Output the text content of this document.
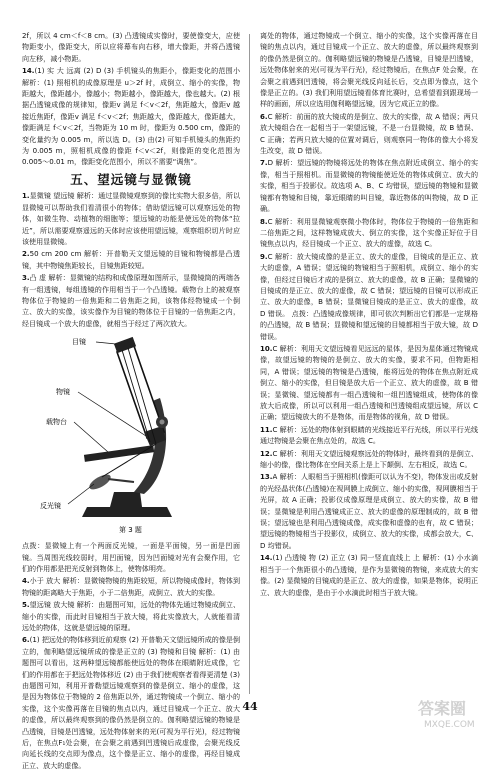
2f，所以 4 cm＜f＜8 cm。(3) 凸透镜成实像时，要使像变大，应使物距变小，像距变大，所以应将幕布向右移，增大像距，并将凸透镜向左移，减小物距。

14.(1) 实 大 远离 (2) D (3) 手机镜头的焦距小，像距变化的范围小 解析：(1) 照相机的成像原理是 u＞2f 时，成倒立、缩小的实像，物距越大，像距越小，像越小；物距越小，像距越大，像也越大。(2) 根据凸透镜成像的规律知，像距v 满足 f＜v＜2f，焦距越大，像距v 越接近焦距f，像距v 满足 f＜v＜2f；焦距越大，像距越大，像距越大，像距满足 f＜v＜2f，当物距为 10 m 时，像距为 0.500 cm，像距的变化量约为 0.005 m，所以选 D。(3) 由(2) 可知手机镜头的焦距约为 0.005 m，照相机成像的像距 f＜v＜2f，则像距的变化范围为 0.005～0.01 m，像距变化范围小，所以不需要“调焦”。

五、望远镜与显微镜

1.显微镜 望远镜 解析：通过显微镜观察到的像比实物大很多倍，所以显微镜可以帮助我们看清很小的物体；借助望远镜可以观察远处的物体，如微生物、动植物的细胞等；望远镜的功能是使远处的物体“拉近”，所以需要观察遥远的天体时应该使用望远镜，观察组织切片时应该使用显微镜。

2.50 cm 200 cm 解析：开普勒天文望远镜的目镜和物镜都是凸透镜，其中物镜焦距较长，目镜焦距较短。

3.凸 虚 解析：显微镜的结构和成像原理如图所示，显微镜筒的两端各有一组透镜，每组透镜的作用相当于一个凸透镜。载物台上的被观察物体位于物镜的一倍焦距和二倍焦距之间，该物体经物镜成一个倒立、放大的实像，该实像作为目镜的物体位于目镜的一倍焦距之内，经目镜成一个放大的虚像，就相当于经过了两次放大。

目镜
物镜
载物台
反光镜
第 3 题

点拨：显微镜上有一个两面反光镜，一面是平面镜，另一面是凹面镜。当周围光线较弱时，用凹面镜，因为凹面镜对光有会聚作用，它们的作用都是把光反射到物体上，使物体明亮。

4.小于 放大 解析：显微镜物镜的焦距较短，所以物镜成像时，物体到物镜的距离略大于焦距，小于二倍焦距，成倒立、放大的实像。

5.望远镜 放大镜 解析：由题图可知，远处的物体先通过物镜成倒立、缩小的实像，而此时目镜相当于放大镜，将此实像放大，人就能看清远处的物体，这就是望远镜的原理。

6.(1) 把远处的物体移到近前观察 (2) 开普勒天文望远镜所成的像是倒立的，伽利略望远镜所成的像是正立的 (3) 物镜和目镜 解析：(1) 由题图可以看出，这两种望远镜都能使远处的物体在眼睛附近成像，它们的作用都在于把远处物体移近 (2) 由于我们使观察者看得更清楚 (3) 由题图可知，利用开普勒望远镜观察到的像是倒立、缩小的虚像，这是因为物体位于物镜的 2 倍焦距以外，通过物镜成一个倒立、缩小的实像，这个实像再落在目镜的焦点以内，通过目镜成一个正立、放大的虚像，所以最终观察到的像仍然是倒立的。伽利略望远镜的物镜是凸透镜，目镜是凹透镜，远处物体射来的光(可视为平行光)，经过物镜后，在焦点F₁处会聚，在会聚之前遇到凹透镜后成虚像，会聚光线反向延长线的交点即为像点，这个像是正立、缩小的虚像，再经目镜成正立、放大的虚像。

离处的物体，通过物镜成一个倒立、缩小的实像，这个实像再落在目镜的焦点以内，通过目镜成一个正立、放大的虚像，所以最终观察到的像仍然是倒立的。伽利略望远镜的物镜是凸透镜，目镜是凹透镜，远处物体射来的光(可视为平行光)，经过物镜后，在焦点F 处会聚，在会聚之前遇到凹透镜，将会聚光线反向延长后，交点即为像点，这个像是正立的。(3) 我们利用望远镜看体育比赛时，总希望看到跟现场一样的画面，所以应选用伽利略望远镜，因为它成正立的像。

6.C 解析：前面的放大镜成的是倒立、放大的实像，故 A 错误；两只放大镜组合在一起相当于一架望远镜，不是一台显微镜，故 B 错误、C 正确；若两只放大镜的位置对调后，则观察同一物体的像大小将发生改变，故 D 错误。

7.D 解析：望远镜的物镜将远处的物体在焦点附近成倒立、缩小的实像，相当于照相机。而显微镜的物镜能使近处的物体成倒立、放大的实像，相当于投影仪。故选项 A、B、C 均错误，望远镜的物镜和显微镜都有物镜和目镜，靠近眼睛的叫目镜，靠近物体的叫物镜，故 D 正确。

8.C 解析：利用显微镜观察微小物体时，物体位于物镜的一倍焦距和二倍焦距之间，这样物镜成放大、倒立的实像，这个实像正好位于目镜焦点以内，经目镜成一个正立、放大的虚像，故选 C。

9.C 解析：放大镜成像的是正立、放大的虚像，目镜成的是正立、放大的虚像，A 错误；望远镜的物镜相当于照相机，成倒立、缩小的实像，但经过目镜后才成的是倒立、放大的虚像，故 B 正确；显微镜的目镜成的是正立、放大的虚像，故 C 错误；望远镜的目镜可以形成正立、放大的虚像，B 错误；显微镜目镜成的是正立、放大的虚像，故 D 错误。 点拨：凸透镜成像规律，即可依次判断出它们都是一定规格的凸透镜，故 B 错误；显微镜和望远镜的目镜都相当于放大镜，故 D 错误。

10.C 解析：利用天文望远镜看见远远的星体，是因为星体通过物镜成像，故望远镜的物镜的是倒立、放大的实像，要求不同，但物距相同，A 错误；望远镜的物镜是凸透镜，能将远处的物体在焦点附近成倒立、缩小的实像，但目镜是放大后一个正立、放大的虚像，故 B 错误；显微镜、望远镜都有一组凸透镜和一组凹透镜组成，使物体的像放大后成像，所以可以利用一组凸透镜和凹透镜组成望远镜，所以 C 正确；望远镜放大的不是物体，而是物体的视角，故 D 错误。

11.C 解析：远处的物体射到眼睛的光线接近平行光线，所以平行光线通过物镜是会聚在焦点处的，故选 C。

12.C 解析：利用天文望远镜观察远处的物体时，最终看到的是倒立、缩小的像，像比物体在空间关系上是上下颠倒、左右相反，故选 C。

13.A 解析：人眼相当于照相机(像距可以认为不变)，物体发出或反射的光经晶状体(凸透镜)在视网膜上成倒立、缩小的实像，视网膜相当于光屏，故 A 正确；投影仪成像原理是成倒立、放大的实像，故 B 错误；显微镜是利用凸透镜成正立、放大的虚像的原理制成的，故 B 错误；望远镜也是利用凸透镜成像，成实像和虚像的也有，故 C 错误；望远镜的物镜相当于投影仪，成倒立、放大的实像，成都会放大，C、D 均错误。

14.(1) 凸透镜 物 (2) 正立 (3) 同一竖直直线上 上 解析：(1) 小水滴相当于一个焦距很小的凸透镜，是作为显微镜的物镜，来成放大的实像。(2) 显微镜的目镜成的是正立、放大的虚像，如果是物体，说明正立、放大的虚像，是由于小水滴此时相当于放大镜。

44	答案圈
MXQE.COM
